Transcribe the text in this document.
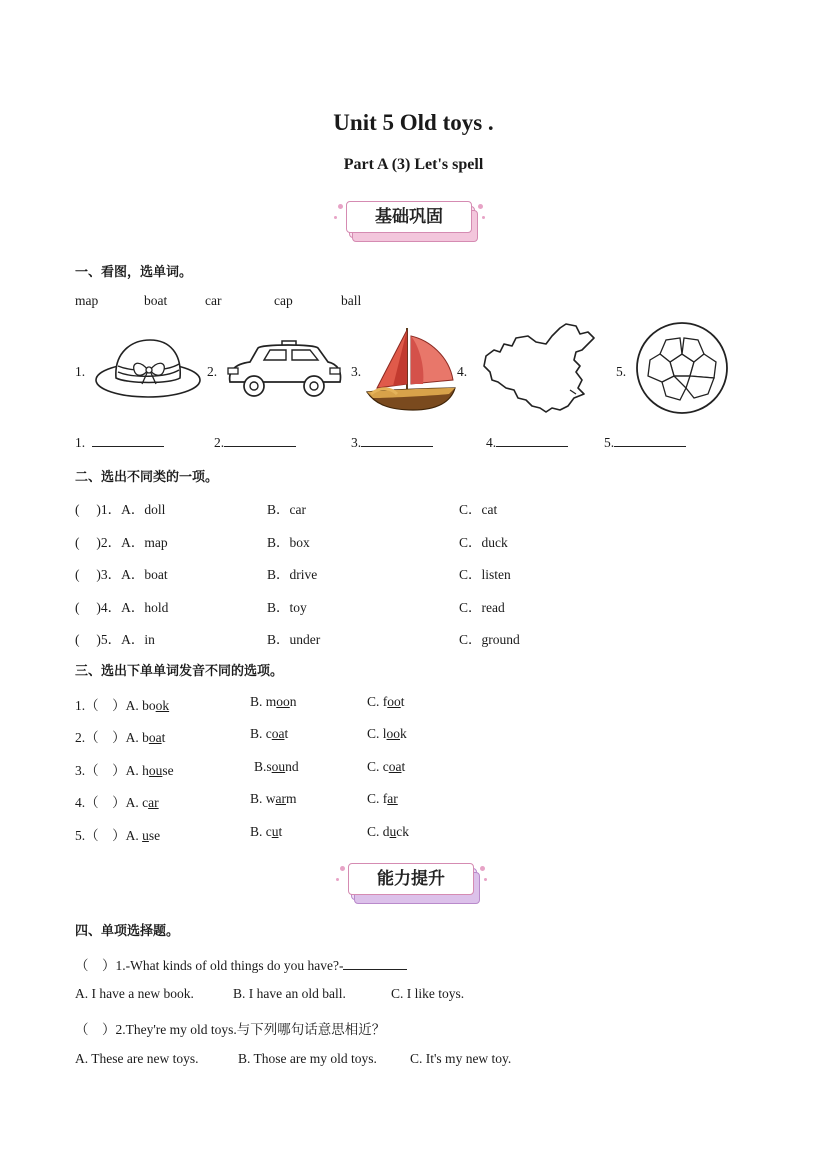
Unit 5 Old toys .
Part A (3) Let's spell
基础巩固
一、看图，选单词。
map	boat	car	cap	ball
1.	2.	3.	4.	5.
1.	2.	3.	4.	5.
二、选出不同类的一项。
(　 )1．A．doll	B．car	C．cat
(　 )2．A．map	B．box	C．duck
(　 )3．A．boat	B．drive	C．listen
(　 )4．A．hold	B．toy	C．read
(　 )5．A．in	B．under	C．ground
三、选出下单单词发音不同的选项。
1.（　）A. book	B. moon	C. foot
2.（　）A. boat	B. coat	C. look
3.（　）A. house	B.sound	C. coat
4.（　）A. car	B. warm	C. far
5.（　）A. use	B. cut	C. duck
能力提升
四、单项选择题。
（　）1.-What kinds of old things do you have?-
A. I have a new book.	B. I have an old ball.	C. I like toys.
（　）2.They're my old toys.与下列哪句话意思相近？
A. These are new toys.	B. Those are my old toys. C. It's my new toy.
